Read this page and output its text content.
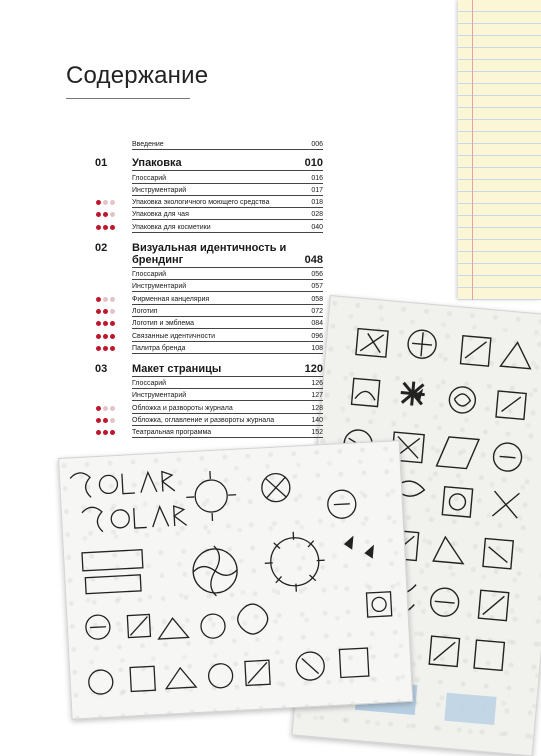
Содержание
Введение	006
01 Упаковка	010
Глоссарий	016
Инструментарий	017
Упаковка экологичного моющего средства	018
Упаковка для чая	028
Упаковка для косметики	040
02 Визуальная идентичность и брендинг	048
Глоссарий	056
Инструментарий	057
Фирменная канцелярия	058
Логотип	072
Логотип и эмблема	084
Связанные идентичности	096
Палитра бренда	108
03 Макет страницы	120
Глоссарий	126
Инструментарий	127
Обложка и развороты журнала	128
Обложка, оглавление и развороты журнала	140
Театральная программа	152
